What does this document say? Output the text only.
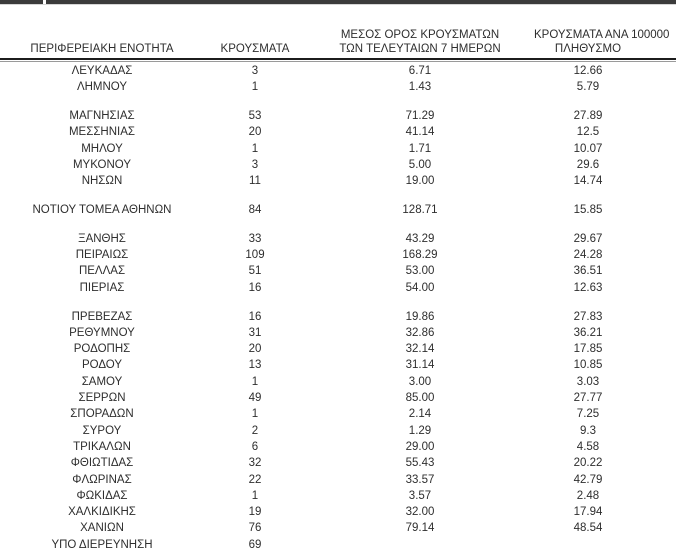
ΠΕΡΙΦΕΡΕΙΑΚΗ ΕΝΟΤΗΤΑ	ΚΡΟΥΣΜΑΤΑ
ΜΕΣΟΣ ΟΡΟΣ ΚΡΟΥΣΜΑΤΩΝ
ΤΩΝ ΤΕΛΕΥΤΑΙΩΝ 7 ΗΜΕΡΩΝ
ΚΡΟΥΣΜΑΤΑ ΑΝΑ 100000
ΠΛΗΘΥΣΜΟ
ΛΕΥΚΑΔΑΣ	3	6.71	12.66
ΛΗΜΝΟΥ	1	1.43	5.79
ΜΑΓΝΗΣΙΑΣ	53	71.29	27.89
ΜΕΣΣΗΝΙΑΣ	20	41.14	12.5
ΜΗΛΟΥ	1	1.71	10.07
ΜΥΚΟΝΟΥ	3	5.00	29.6
ΝΗΣΩΝ	11	19.00	14.74
ΝΟΤΙΟΥ ΤΟΜΕΑ ΑΘΗΝΩΝ	84	128.71	15.85
ΞΑΝΘΗΣ	33	43.29	29.67
ΠΕΙΡΑΙΩΣ	109	168.29	24.28
ΠΕΛΛΑΣ	51	53.00	36.51
ΠΙΕΡΙΑΣ	16	54.00	12.63
ΠΡΕΒΕΖΑΣ	16	19.86	27.83
ΡΕΘΥΜΝΟΥ	31	32.86	36.21
ΡΟΔΟΠΗΣ	20	32.14	17.85
ΡΟΔΟΥ	13	31.14	10.85
ΣΑΜΟΥ	1	3.00	3.03
ΣΕΡΡΩΝ	49	85.00	27.77
ΣΠΟΡΑΔΩΝ	1	2.14	7.25
ΣΥΡΟΥ	2	1.29	9.3
ΤΡΙΚΑΛΩΝ	6	29.00	4.58
ΦΘΙΩΤΙΔΑΣ	32	55.43	20.22
ΦΛΩΡΙΝΑΣ	22	33.57	42.79
ΦΩΚΙΔΑΣ	1	3.57	2.48
ΧΑΛΚΙΔΙΚΗΣ	19	32.00	17.94
ΧΑΝΙΩΝ	76	79.14	48.54
ΥΠΟ ΔΙΕΡΕΥΝΗΣΗ	69
